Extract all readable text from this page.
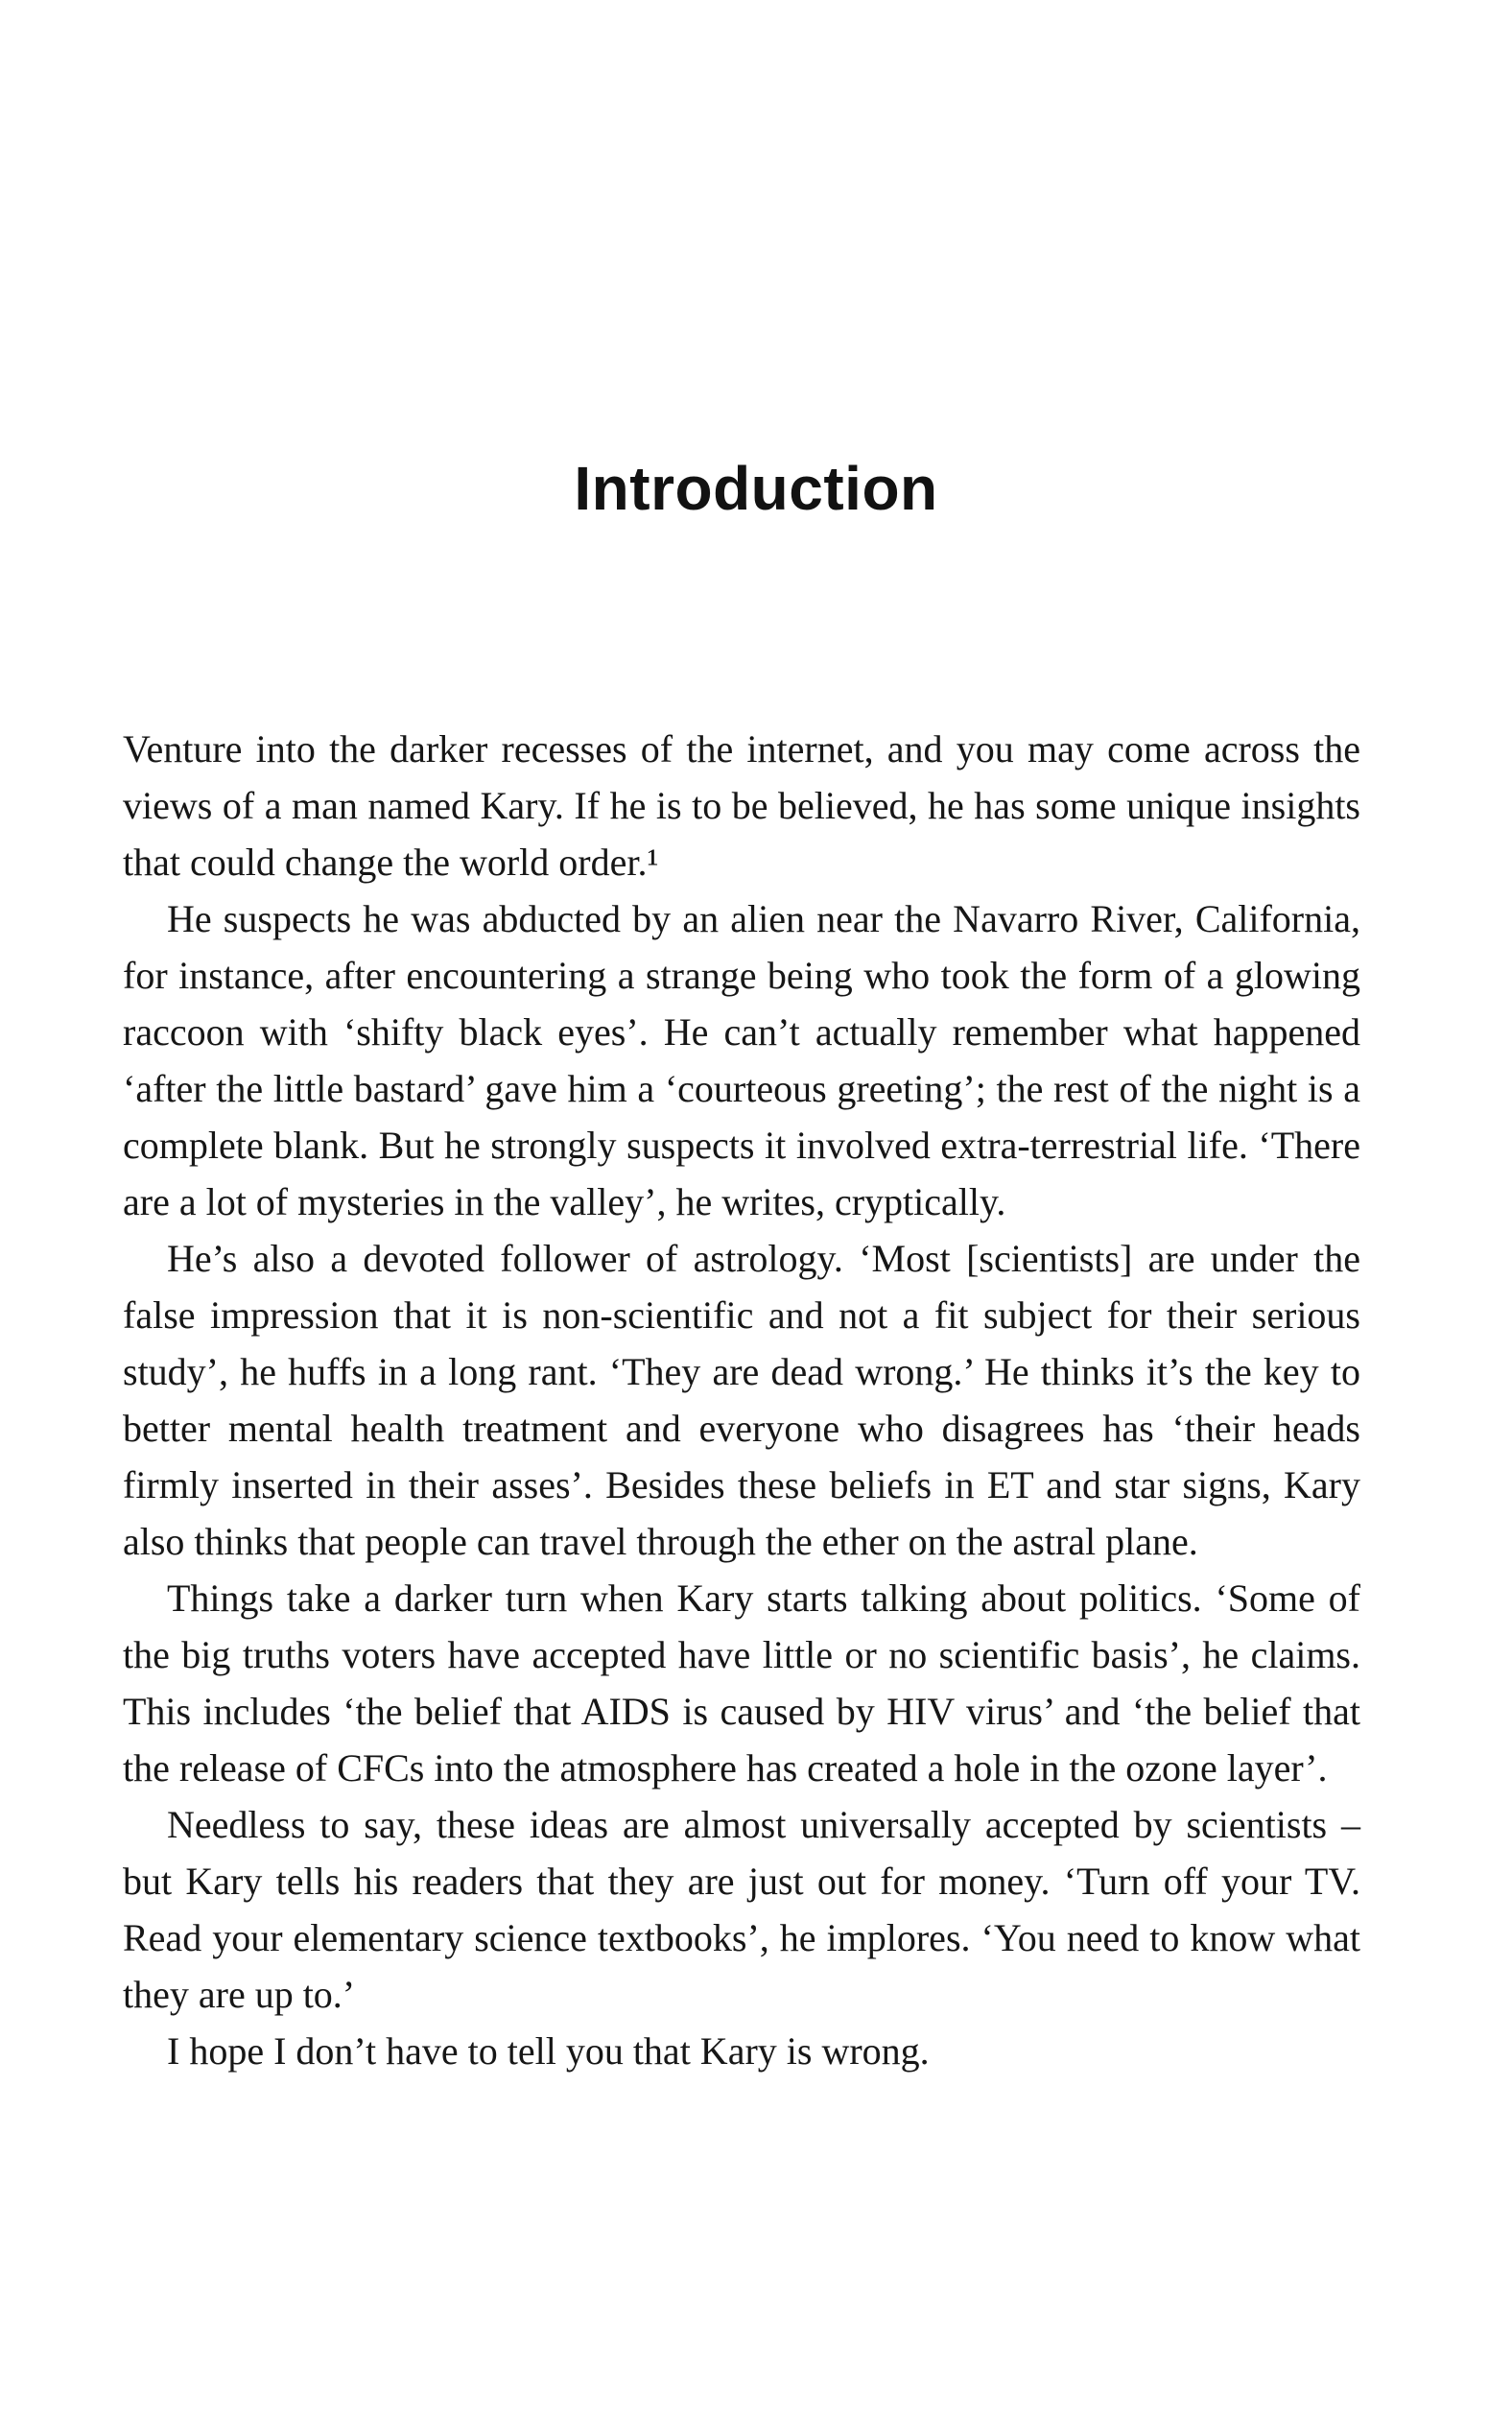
Introduction

Venture into the darker recesses of the internet, and you may come across the views of a man named Kary. If he is to be believed, he has some unique insights that could change the world order.¹

He suspects he was abducted by an alien near the Navarro River, California, for instance, after encountering a strange being who took the form of a glowing raccoon with ‘shifty black eyes’. He can’t actually remember what happened ‘after the little bastard’ gave him a ‘courteous greeting’; the rest of the night is a complete blank. But he strongly suspects it involved extra-terrestrial life. ‘There are a lot of mysteries in the valley’, he writes, cryptically.

He’s also a devoted follower of astrology. ‘Most [scientists] are under the false impression that it is non-scientific and not a fit subject for their serious study’, he huffs in a long rant. ‘They are dead wrong.’ He thinks it’s the key to better mental health treatment and everyone who disagrees has ‘their heads firmly inserted in their asses’. Besides these beliefs in ET and star signs, Kary also thinks that people can travel through the ether on the astral plane.

Things take a darker turn when Kary starts talking about politics. ‘Some of the big truths voters have accepted have little or no scientific basis’, he claims. This includes ‘the belief that AIDS is caused by HIV virus’ and ‘the belief that the release of CFCs into the atmosphere has created a hole in the ozone layer’.

Needless to say, these ideas are almost universally accepted by scientists – but Kary tells his readers that they are just out for money. ‘Turn off your TV. Read your elementary science textbooks’, he implores. ‘You need to know what they are up to.’

I hope I don’t have to tell you that Kary is wrong.
